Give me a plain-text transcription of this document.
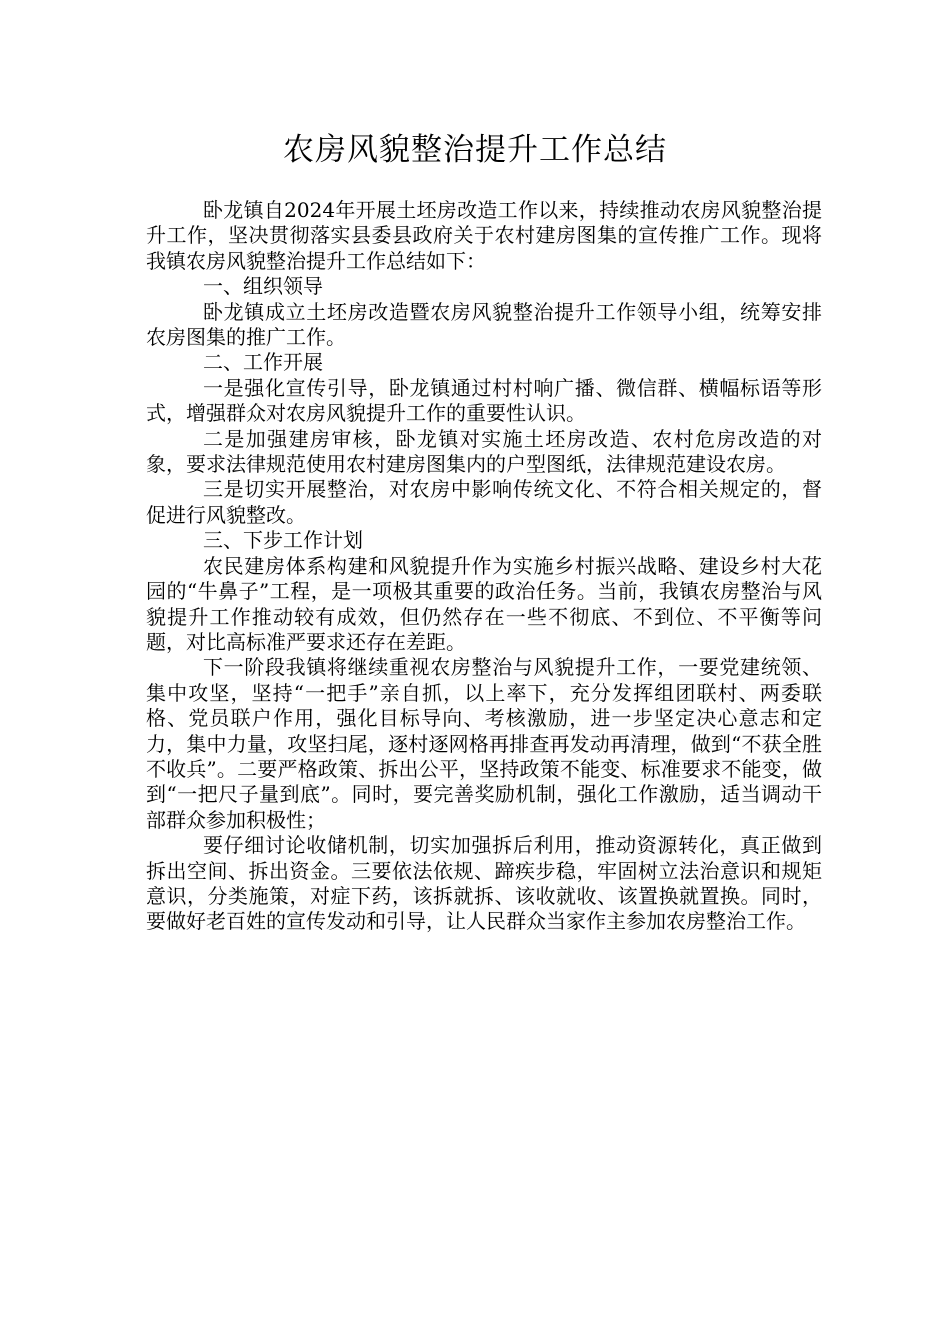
农房风貌整治提升工作总结

卧龙镇自2024年开展土坯房改造工作以来，持续推动农房风貌整治提升工作，坚决贯彻落实县委县政府关于农村建房图集的宣传推广工作。现将我镇农房风貌整治提升工作总结如下：

一、组织领导

卧龙镇成立土坯房改造暨农房风貌整治提升工作领导小组，统筹安排农房图集的推广工作。

二、工作开展

一是强化宣传引导，卧龙镇通过村村响广播、微信群、横幅标语等形式，增强群众对农房风貌提升工作的重要性认识。

二是加强建房审核，卧龙镇对实施土坯房改造、农村危房改造的对象，要求法律规范使用农村建房图集内的户型图纸，法律规范建设农房。

三是切实开展整治，对农房中影响传统文化、不符合相关规定的，督促进行风貌整改。

三、下步工作计划

农民建房体系构建和风貌提升作为实施乡村振兴战略、建设乡村大花园的“牛鼻子”工程，是一项极其重要的政治任务。当前，我镇农房整治与风貌提升工作推动较有成效，但仍然存在一些不彻底、不到位、不平衡等问题，对比高标准严要求还存在差距。

下一阶段我镇将继续重视农房整治与风貌提升工作，一要党建统领、集中攻坚，坚持“一把手”亲自抓，以上率下，充分发挥组团联村、两委联格、党员联户作用，强化目标导向、考核激励，进一步坚定决心意志和定力，集中力量，攻坚扫尾，逐村逐网格再排查再发动再清理，做到“不获全胜不收兵”。二要严格政策、拆出公平，坚持政策不能变、标准要求不能变，做到“一把尺子量到底”。同时，要完善奖励机制，强化工作激励，适当调动干部群众参加积极性；

要仔细讨论收储机制，切实加强拆后利用，推动资源转化，真正做到拆出空间、拆出资金。三要依法依规、蹄疾步稳，牢固树立法治意识和规矩意识，分类施策，对症下药，该拆就拆、该收就收、该置换就置换。同时，要做好老百姓的宣传发动和引导，让人民群众当家作主参加农房整治工作。
